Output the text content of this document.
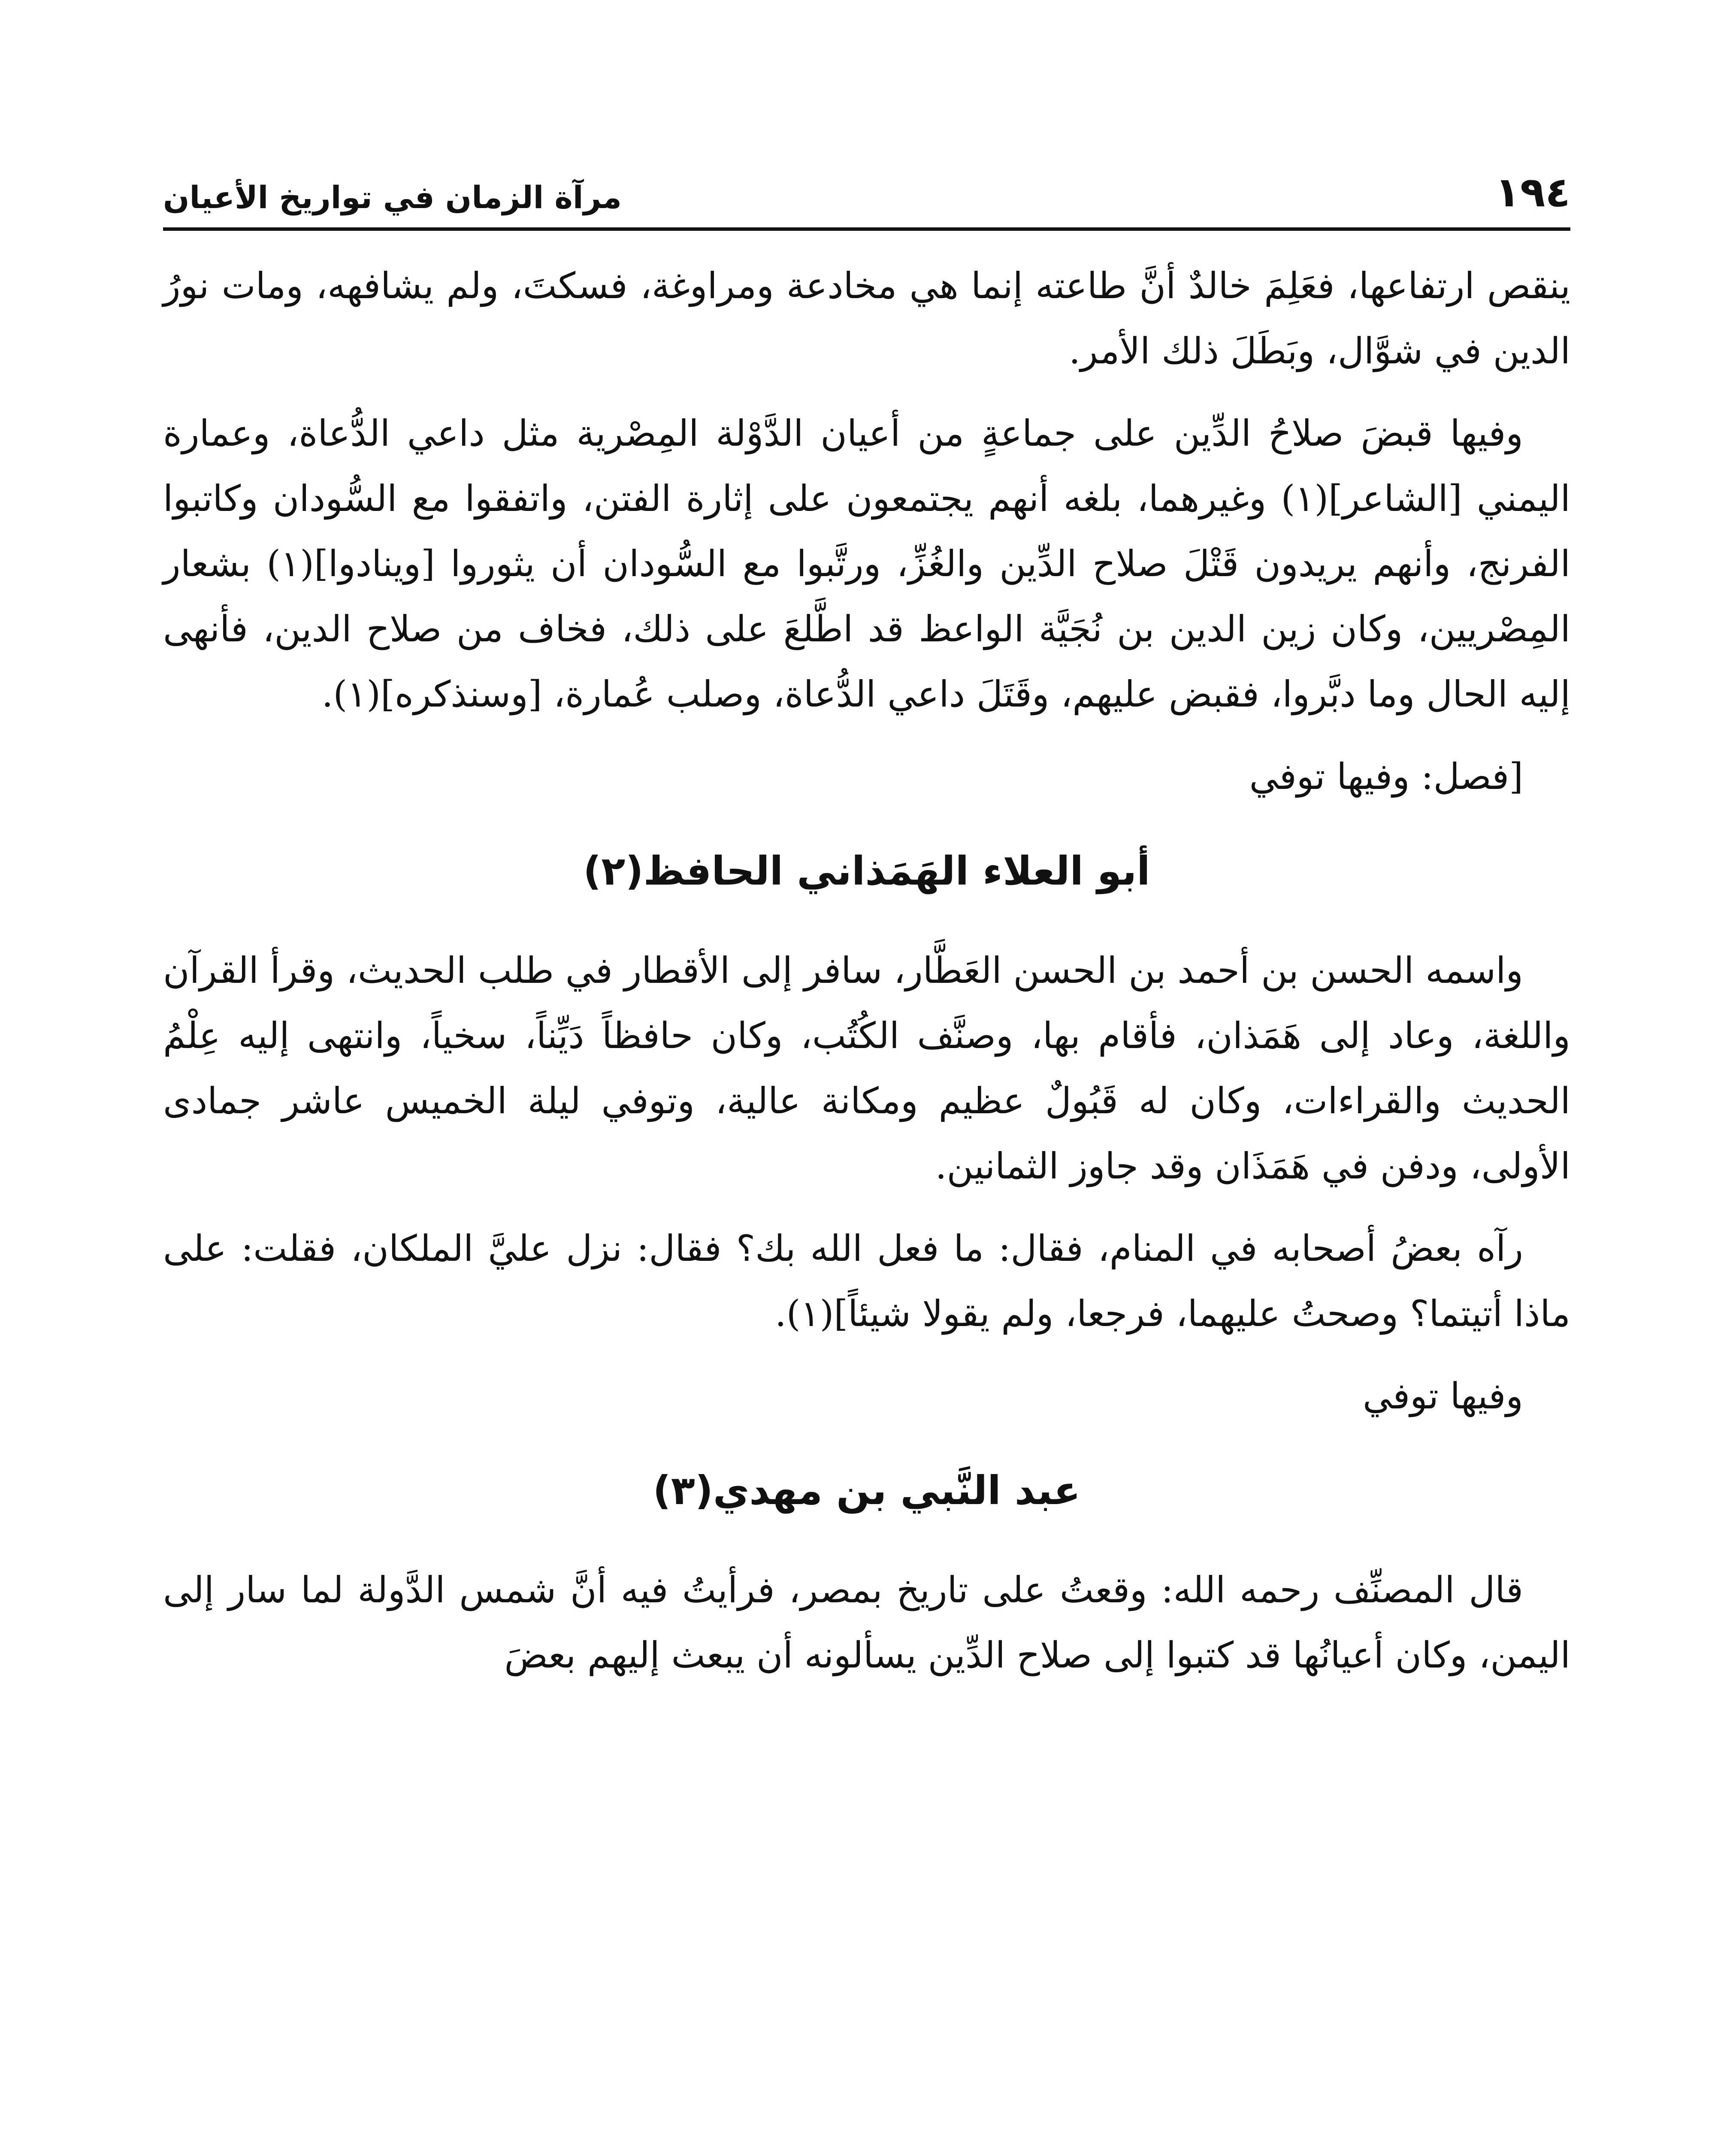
١٩٤
مرآة الزمان في تواريخ الأعيان

ينقص ارتفاعها، فعَلِمَ خالدٌ أنَّ طاعته إنما هي مخادعة ومراوغة، فسكتَ، ولم يشافهه، ومات نورُ الدين في شوَّال، وبَطَلَ ذلك الأمر.

وفيها قبضَ صلاحُ الدِّين على جماعةٍ من أعيان الدَّوْلة المِصْرية مثل داعي الدُّعاة، وعمارة اليمني [الشاعر](١) وغيرهما، بلغه أنهم يجتمعون على إثارة الفتن، واتفقوا مع السُّودان وكاتبوا الفرنج، وأنهم يريدون قَتْلَ صلاح الدِّين والغُزِّ، ورتَّبوا مع السُّودان أن يثوروا [وينادوا](١) بشعار المِصْريين، وكان زين الدين بن نُجَيَّة الواعظ قد اطَّلعَ على ذلك، فخاف من صلاح الدين، فأنهى إليه الحال وما دبَّروا، فقبض عليهم، وقَتَلَ داعي الدُّعاة، وصلب عُمارة، [وسنذكره](١).

[فصل: وفيها توفي

أبو العلاء الهَمَذاني الحافظ(٢)

واسمه الحسن بن أحمد بن الحسن العَطَّار، سافر إلى الأقطار في طلب الحديث، وقرأ القرآن واللغة، وعاد إلى هَمَذان، فأقام بها، وصنَّف الكُتُب، وكان حافظاً دَيِّناً، سخياً، وانتهى إليه عِلْمُ الحديث والقراءات، وكان له قَبُولٌ عظيم ومكانة عالية، وتوفي ليلة الخميس عاشر جمادى الأولى، ودفن في هَمَذَان وقد جاوز الثمانين.

رآه بعضُ أصحابه في المنام، فقال: ما فعل الله بك؟ فقال: نزل عليَّ الملكان، فقلت: على ماذا أتيتما؟ وصحتُ عليهما، فرجعا، ولم يقولا شيئاً](١).

وفيها توفي

عبد النَّبي بن مهدي(٣)

قال المصنِّف رحمه الله: وقعتُ على تاريخ بمصر، فرأيتُ فيه أنَّ شمس الدَّولة لما سار إلى اليمن، وكان أعيانُها قد كتبوا إلى صلاح الدِّين يسألونه أن يبعث إليهم بعضَ
